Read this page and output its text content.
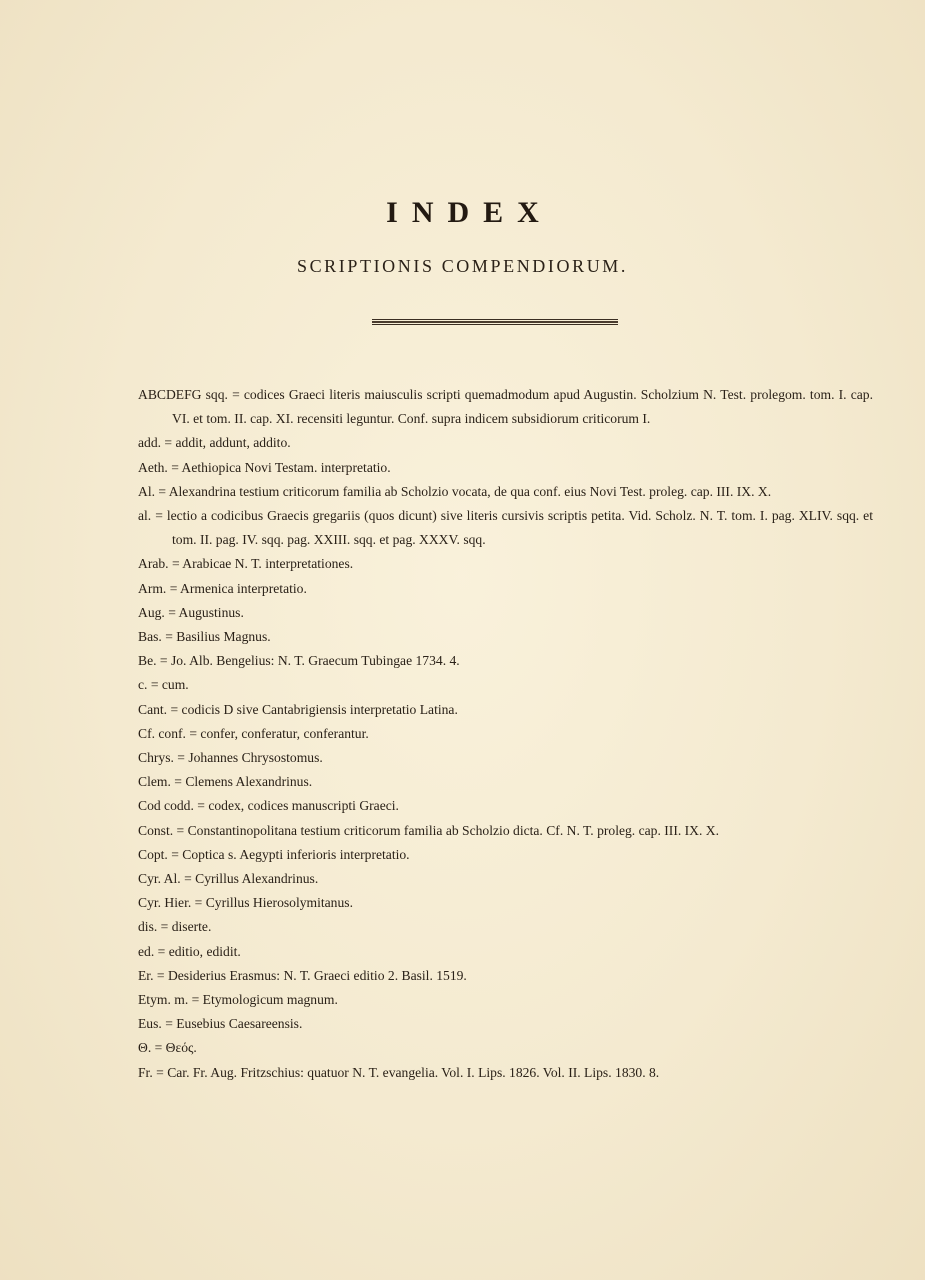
INDEX
SCRIPTIONIS COMPENDIORUM.

ABCDEFG sqq. = codices Graeci literis maiusculis scripti quemadmodum apud Augustin. Scholzium N. Test. prolegom. tom. I. cap. VI. et tom. II. cap. XI. recensiti leguntur. Conf. supra indicem subsidiorum criticorum I.

add. = addit, addunt, addito.

Aeth. = Aethiopica Novi Testam. interpretatio.

Al. = Alexandrina testium criticorum familia ab Scholzio vocata, de qua conf. eius Novi Test. proleg. cap. III. IX. X.

al. = lectio a codicibus Graecis gregariis (quos dicunt) sive literis cursivis scriptis petita. Vid. Scholz. N. T. tom. I. pag. XLIV. sqq. et tom. II. pag. IV. sqq. pag. XXIII. sqq. et pag. XXXV. sqq.

Arab. = Arabicae N. T. interpretationes.

Arm. = Armenica interpretatio.

Aug. = Augustinus.

Bas. = Basilius Magnus.

Be. = Jo. Alb. Bengelius: N. T. Graecum Tubingae 1734. 4.

c. = cum.

Cant. = codicis D sive Cantabrigiensis interpretatio Latina.

Cf. conf. = confer, conferatur, conferantur.

Chrys. = Johannes Chrysostomus.

Clem. = Clemens Alexandrinus.

Cod codd. = codex, codices manuscripti Graeci.

Const. = Constantinopolitana testium criticorum familia ab Scholzio dicta. Cf. N. T. proleg. cap. III. IX. X.

Copt. = Coptica s. Aegypti inferioris interpretatio.

Cyr. Al. = Cyrillus Alexandrinus.

Cyr. Hier. = Cyrillus Hierosolymitanus.

dis. = diserte.

ed. = editio, edidit.

Er. = Desiderius Erasmus: N. T. Graeci editio 2. Basil. 1519.

Etym. m. = Etymologicum magnum.

Eus. = Eusebius Caesareensis.

Θ. = Θεός.

Fr. = Car. Fr. Aug. Fritzschius: quatuor N. T. evangelia. Vol. I. Lips. 1826. Vol. II. Lips. 1830. 8.
